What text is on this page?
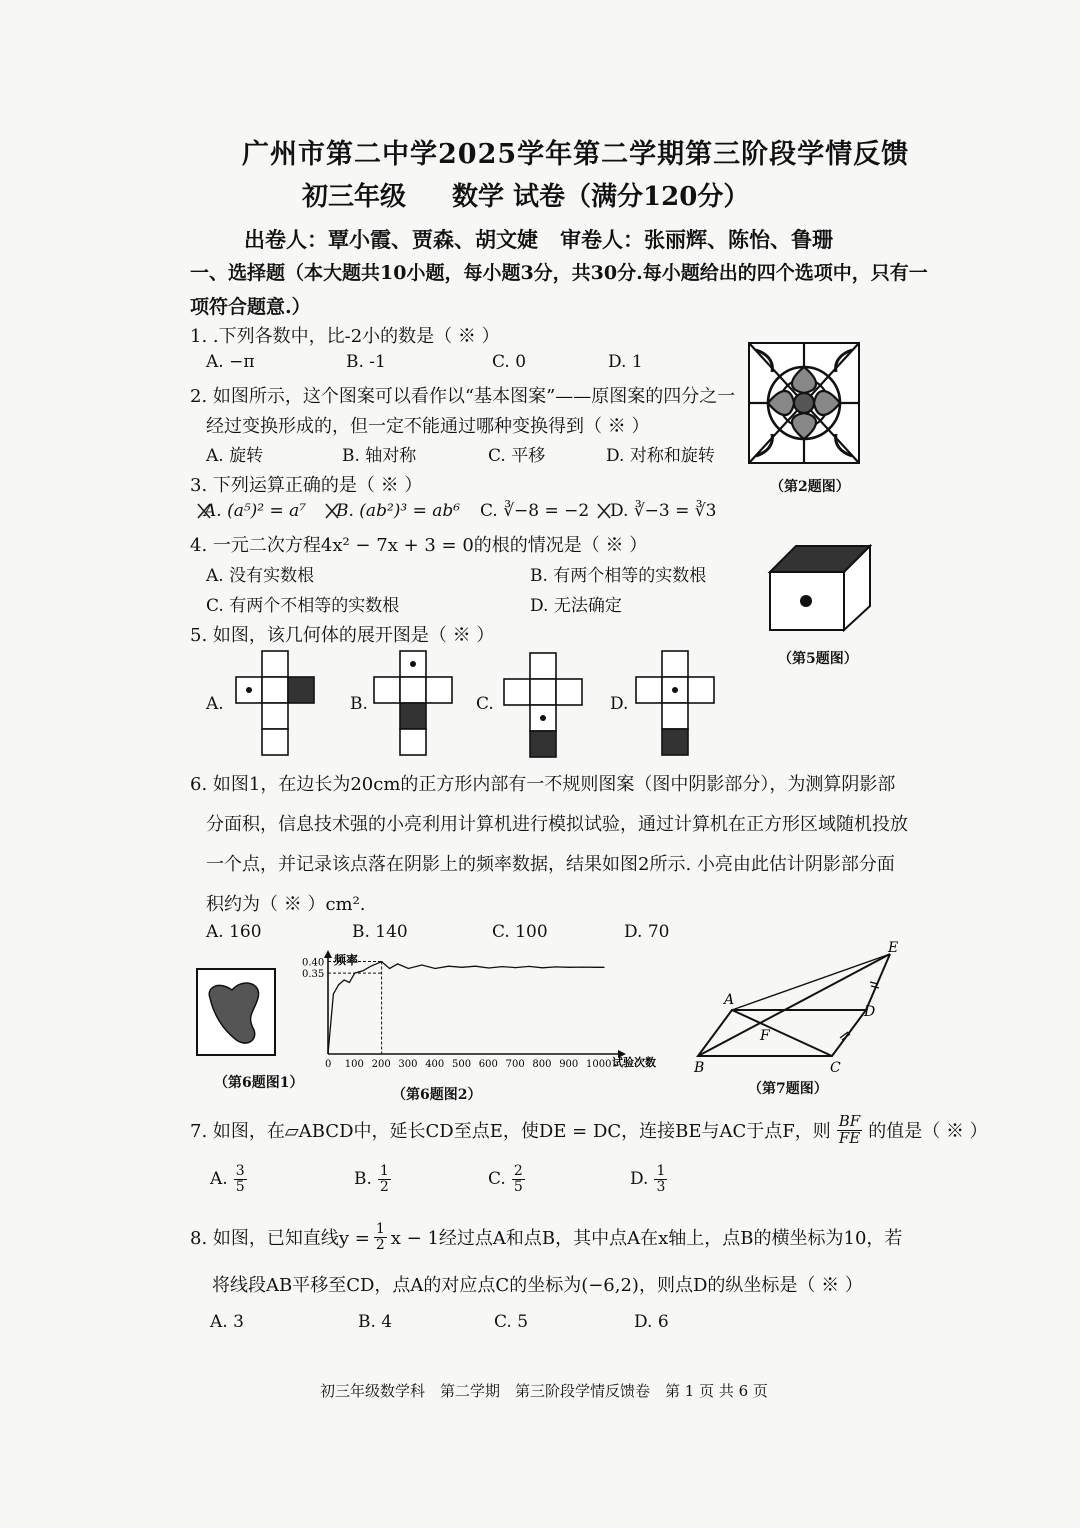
广州市第二中学2025学年第二学期第三阶段学情反馈
初三年级 数学 试卷（满分120分）
出卷人：覃小霞、贾森、胡文婕 审卷人：张丽辉、陈怡、鲁珊
一、选择题（本大题共10小题，每小题3分，共30分.每小题给出的四个选项中，只有一
项符合题意.）
1. .下列各数中，比-2小的数是（ ※ ）
A. −π	B. -1	C. 0	D. 1
（第2题图）
2. 如图所示，这个图案可以看作以“基本图案”——原图案的四分之一
经过变换形成的，但一定不能通过哪种变换得到（ ※ ）
A. 旋转	B. 轴对称	C. 平移	D. 对称和旋转
3. 下列运算正确的是（ ※ ）
A. (a⁵)² = a⁷ B. (ab²)³ = ab⁶ C. ∛−8 = −2 D. ∛−3 = ∛3
4. 一元二次方程4x² − 7x + 3 = 0的根的情况是（ ※ ）
A. 没有实数根	B. 有两个相等的实数根
C. 有两个不相等的实数根	D. 无法确定
（第5题图）
5. 如图，该几何体的展开图是（ ※ ）
A.	B.	C.	D.
6. 如图1，在边长为20cm的正方形内部有一不规则图案（图中阴影部分），为测算阴影部
分面积，信息技术强的小亮利用计算机进行模拟试验，通过计算机在正方形区域随机投放
一个点，并记录该点落在阴影上的频率数据，结果如图2所示. 小亮由此估计阴影部分面
积约为（ ※ ）cm².
A. 160	B. 140	C. 100	D. 70
（第6题图1）
频率
试验次数
0.40
0.35
0 100 200 300 400 500 600 700 800 900 1000
（第6题图2）
A
B	C
D
E
F
（第7题图）
7. 如图，在▱ABCD中，延长CD至点E，使DE = DC，连接BE与AC于点F，则 $\frac{BF}{FE}$ 的值是（ ※ ）
A. $\frac{3}{5}$	B. $\frac{1}{2}$	C. $\frac{2}{5}$	D. $\frac{1}{3}$
8. 如图，已知直线$y = \frac{1}{2}$ x − 1经过点A和点B，其中点A在x轴上，点B的横坐标为10，若
将线段AB平移至CD，点A的对应点C的坐标为(−6,2)，则点D的纵坐标是（ ※ ）
A. 3	B. 4	C. 5	D. 6
初三年级数学科　第二学期　第三阶段学情反馈卷　第 1 页 共 6 页
